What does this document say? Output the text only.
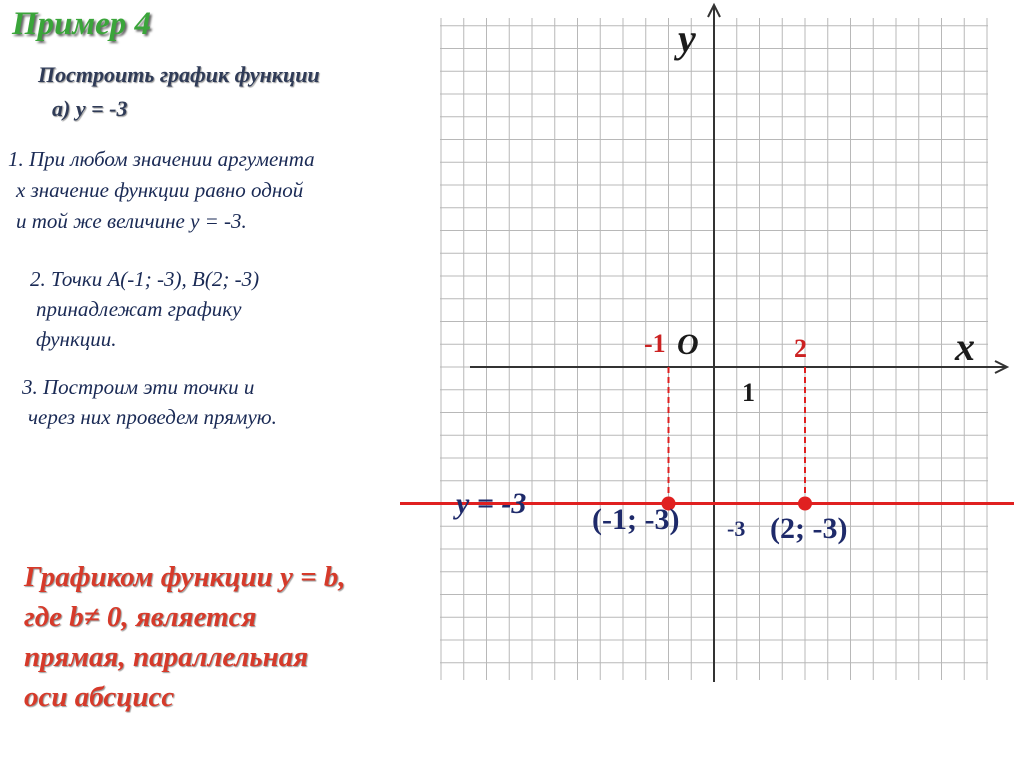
Пример 4
Построить график функции
а) у = -3
1. При любом значении аргумента
х значение функции равно одной
и той же величине у = -3.
2. Точки А(-1; -3), В(2; -3)
принадлежат графику
функции.
3. Построим эти точки и
через них проведем прямую.
Графиком функции у = b,
где b≠ 0, является
прямая, параллельная
оси абсцисс
y
x
O
1
-1	2
-3
у = -3 (-1; -3)	(2; -3)
